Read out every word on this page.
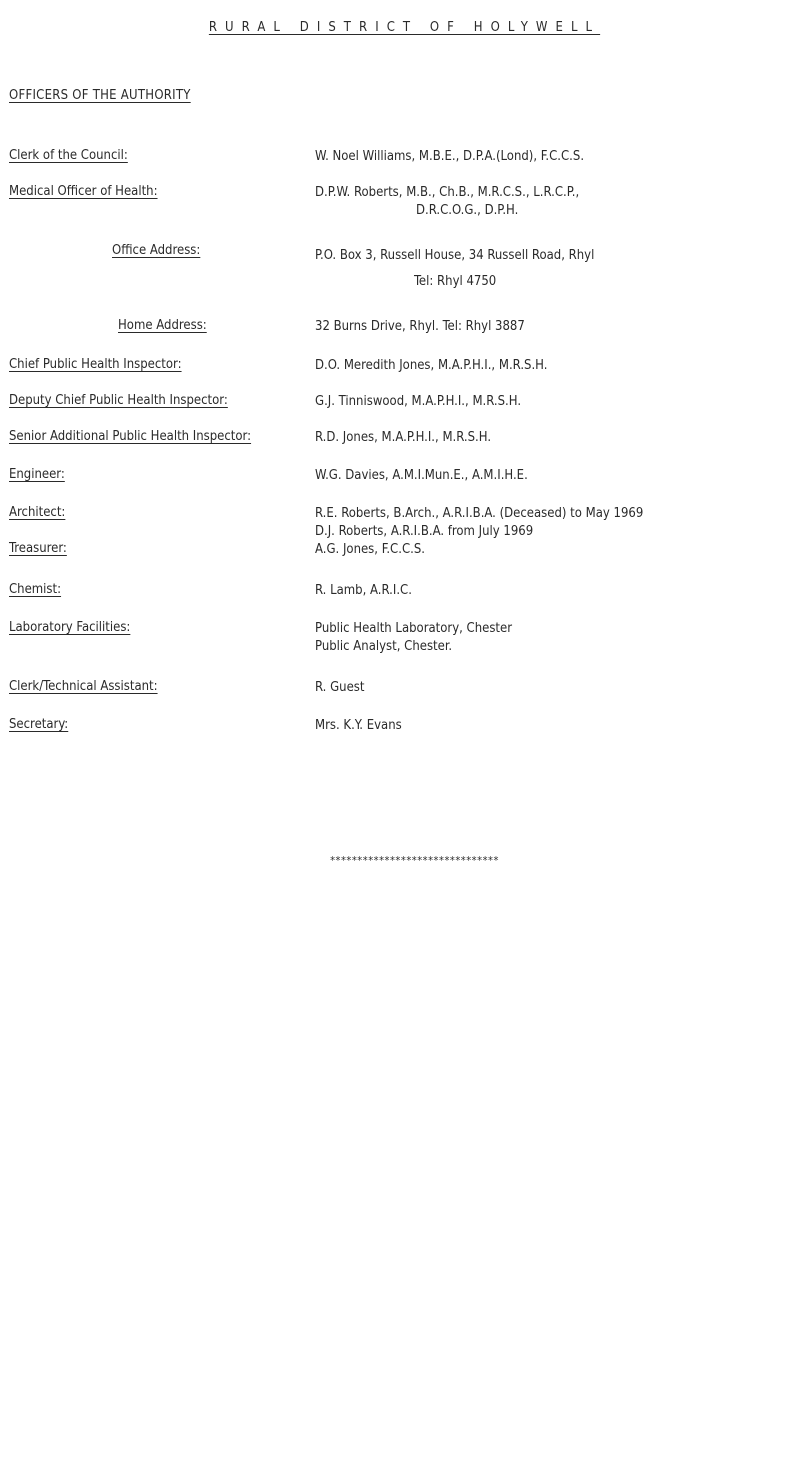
RURAL DISTRICT OF HOLYWELL
OFFICERS OF THE AUTHORITY
Clerk of the Council:	W. Noel Williams, M.B.E., D.P.A.(Lond), F.C.C.S.
Medical Officer of Health:	D.P.W. Roberts, M.B., Ch.B., M.R.C.S., L.R.C.P.,
D.R.C.O.G., D.P.H.
Office Address:	P.O. Box 3, Russell House, 34 Russell Road, Rhyl
Tel: Rhyl 4750
Home Address:	32 Burns Drive, Rhyl. Tel: Rhyl 3887
Chief Public Health Inspector:	D.O. Meredith Jones, M.A.P.H.I., M.R.S.H.
Deputy Chief Public Health Inspector:	G.J. Tinniswood, M.A.P.H.I., M.R.S.H.
Senior Additional Public Health Inspector:	R.D. Jones, M.A.P.H.I., M.R.S.H.
Engineer:	W.G. Davies, A.M.I.Mun.E., A.M.I.H.E.
Architect:	R.E. Roberts, B.Arch., A.R.I.B.A. (Deceased) to May 1969
D.J. Roberts, A.R.I.B.A. from July 1969
Treasurer:	A.G. Jones, F.C.C.S.
Chemist:	R. Lamb, A.R.I.C.
Laboratory Facilities:	Public Health Laboratory, Chester
Public Analyst, Chester.
Clerk/Technical Assistant:	R. Guest
Secretary:	Mrs. K.Y. Evans
*******************************
